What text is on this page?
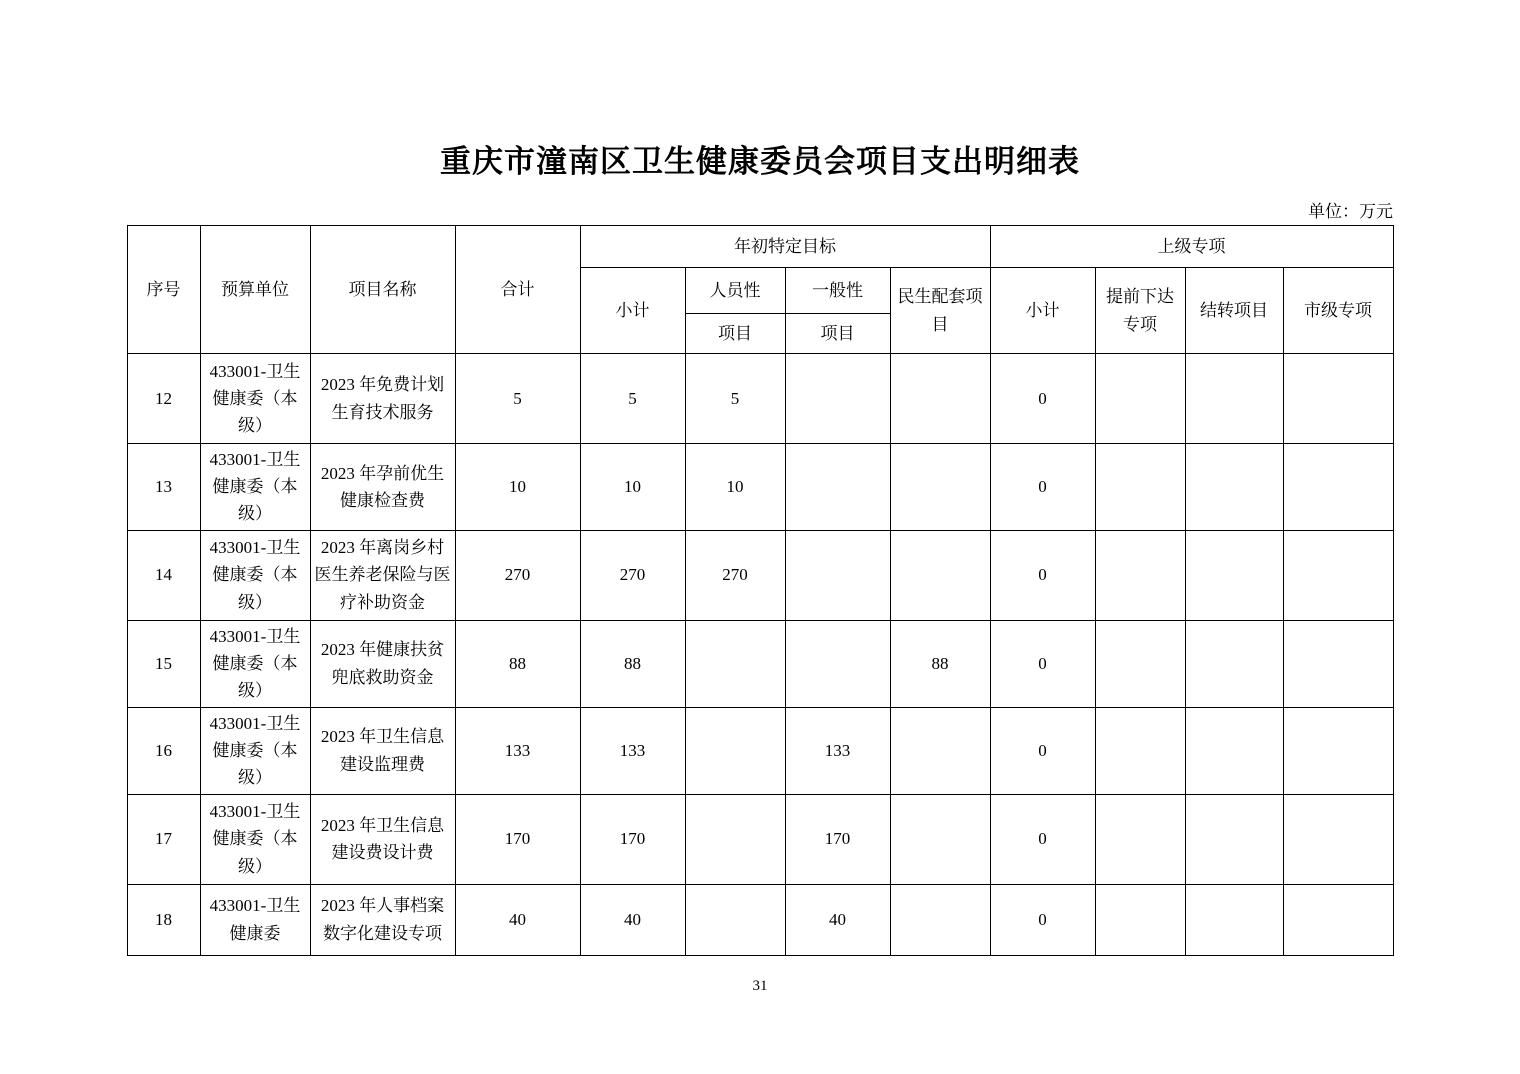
重庆市潼南区卫生健康委员会项目支出明细表
单位：万元
序号	预算单位	项目名称	合计	年初特定目标				上级专项			
				小计	人员性	一般性	民生配套项目	小计	提前下达专项	结转项目	市级专项
					项目	项目					
12	433001-卫生健康委（本级）	2023 年免费计划生育技术服务	5	5	5			0			
13	433001-卫生健康委（本级）	2023 年孕前优生健康检查费	10	10	10			0			
14	433001-卫生健康委（本级）	2023 年离岗乡村医生养老保险与医疗补助资金	270	270	270			0			
15	433001-卫生健康委（本级）	2023 年健康扶贫兜底救助资金	88	88			88	0			
16	433001-卫生健康委（本级）	2023 年卫生信息建设监理费	133	133		133		0			
17	433001-卫生健康委（本级）	2023 年卫生信息建设费设计费	170	170		170		0			
18	433001-卫生健康委	2023 年人事档案数字化建设专项	40	40		40		0			
31
